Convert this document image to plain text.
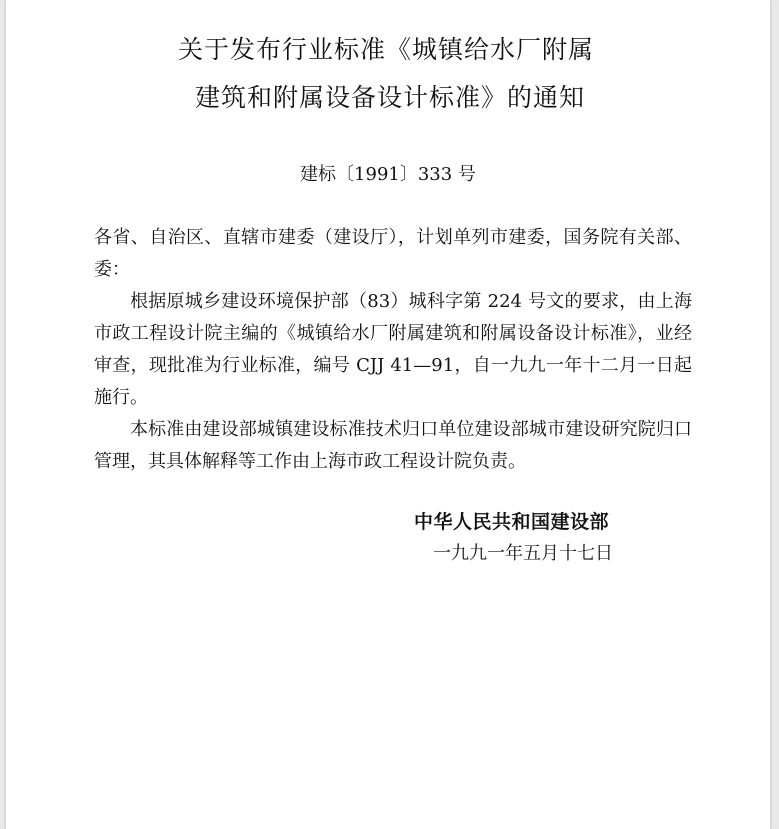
关于发布行业标准《城镇给水厂附属
建筑和附属设备设计标准》的通知
建标〔1991〕333 号

各省、自治区、直辖市建委（建设厅），计划单列市建委，国务院有关部、委：

根据原城乡建设环境保护部（83）城科字第 224 号文的要求，由上海市政工程设计院主编的《城镇给水厂附属建筑和附属设备设计标准》，业经审查，现批准为行业标准，编号 CJJ 41—91，自一九九一年十二月一日起施行。

本标准由建设部城镇建设标准技术归口单位建设部城市建设研究院归口管理，其具体解释等工作由上海市政工程设计院负责。

中华人民共和国建设部
一九九一年五月十七日
